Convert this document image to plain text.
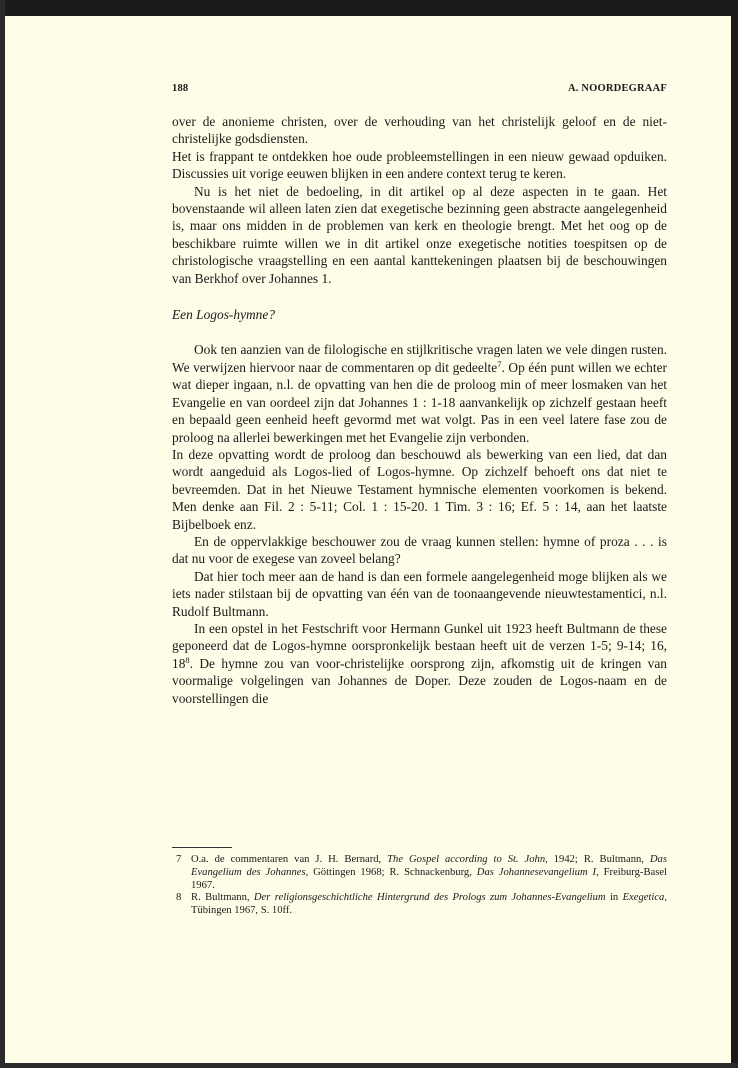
188	A. NOORDEGRAAF

over de anonieme christen, over de verhouding van het christelijk geloof en de niet-christelijke godsdiensten.

Het is frappant te ontdekken hoe oude probleemstellingen in een nieuw gewaad opduiken. Discussies uit vorige eeuwen blijken in een andere context terug te keren.

Nu is het niet de bedoeling, in dit artikel op al deze aspecten in te gaan. Het bovenstaande wil alleen laten zien dat exegetische bezinning geen abstracte aangelegenheid is, maar ons midden in de problemen van kerk en theologie brengt. Met het oog op de beschikbare ruimte willen we in dit artikel onze exegetische notities toespitsen op de christologische vraagstelling en een aantal kanttekeningen plaatsen bij de beschouwingen van Berkhof over Johannes 1.

Een Logos-hymne?

Ook ten aanzien van de filologische en stijlkritische vragen laten we vele dingen rusten. We verwijzen hiervoor naar de commentaren op dit gedeelte$^7$. Op één punt willen we echter wat dieper ingaan, n.l. de opvatting van hen die de proloog min of meer losmaken van het Evangelie en van oordeel zijn dat Johannes 1 : 1-18 aanvankelijk op zichzelf gestaan heeft en bepaald geen eenheid heeft gevormd met wat volgt. Pas in een veel latere fase zou de proloog na allerlei bewerkingen met het Evangelie zijn verbonden.

In deze opvatting wordt de proloog dan beschouwd als bewerking van een lied, dat dan wordt aangeduid als Logos-lied of Logos-hymne. Op zichzelf behoeft ons dat niet te bevreemden. Dat in het Nieuwe Testament hymnische elementen voorkomen is bekend. Men denke aan Fil. 2 : 5-11; Col. 1 : 15-20. 1 Tim. 3 : 16; Ef. 5 : 14, aan het laatste Bijbelboek enz.

En de oppervlakkige beschouwer zou de vraag kunnen stellen: hymne of proza . . . is dat nu voor de exegese van zoveel belang?

Dat hier toch meer aan de hand is dan een formele aangelegenheid moge blijken als we iets nader stilstaan bij de opvatting van één van de toonaangevende nieuwtestamentici, n.l. Rudolf Bultmann.

In een opstel in het Festschrift voor Hermann Gunkel uit 1923 heeft Bultmann de these geponeerd dat de Logos-hymne oorspronkelijk bestaan heeft uit de verzen 1-5; 9-14; 16, $18^8$. De hymne zou van voor-christelijke oorsprong zijn, afkomstig uit de kringen van voormalige volgelingen van Johannes de Doper. Deze zouden de Logos-naam en de voorstellingen die

7 O.a. de commentaren van J. H. Bernard, The Gospel according to St. John, 1942; R. Bultmann, Das Evangelium des Johannes, Göttingen 1968; R. Schnackenburg, Das Johannesevangelium I, Freiburg-Basel 1967.
8 R. Bultmann, Der religionsgeschichtliche Hintergrund des Prologs zum Johannes-Evangelium in Exegetica, Tübingen 1967, S. 10ff.
